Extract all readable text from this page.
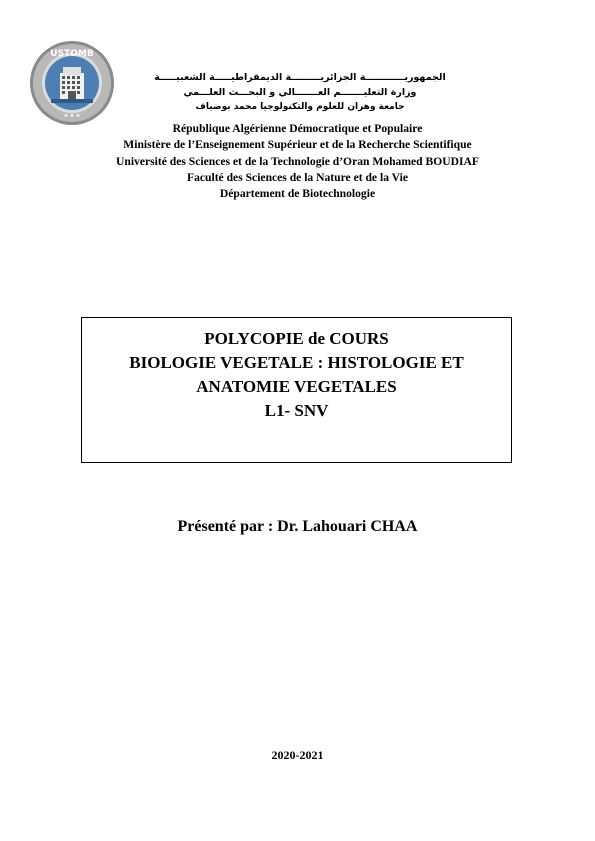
USTOMB
★ ★ ★
الجمهوريــــــــــــة الجزائريـــــــــة الديمقراطيـــــة الشعبيـــــة
وزارة التعليـــــــم العـــــــالي و البحـــث العلـــمي
جامعة وهران للعلوم والتكنولوجيا محمد بوضياف
République Algérienne Démocratique et Populaire
Ministère de l’Enseignement Supérieur et de la Recherche Scientifique
Université des Sciences et de la Technologie d’Oran Mohamed BOUDIAF
Faculté des Sciences de la Nature et de la Vie
Département de Biotechnologie
POLYCOPIE de COURS
BIOLOGIE VEGETALE : HISTOLOGIE ET
ANATOMIE VEGETALES
L1- SNV
Présenté par : Dr. Lahouari CHAA
2020-2021
